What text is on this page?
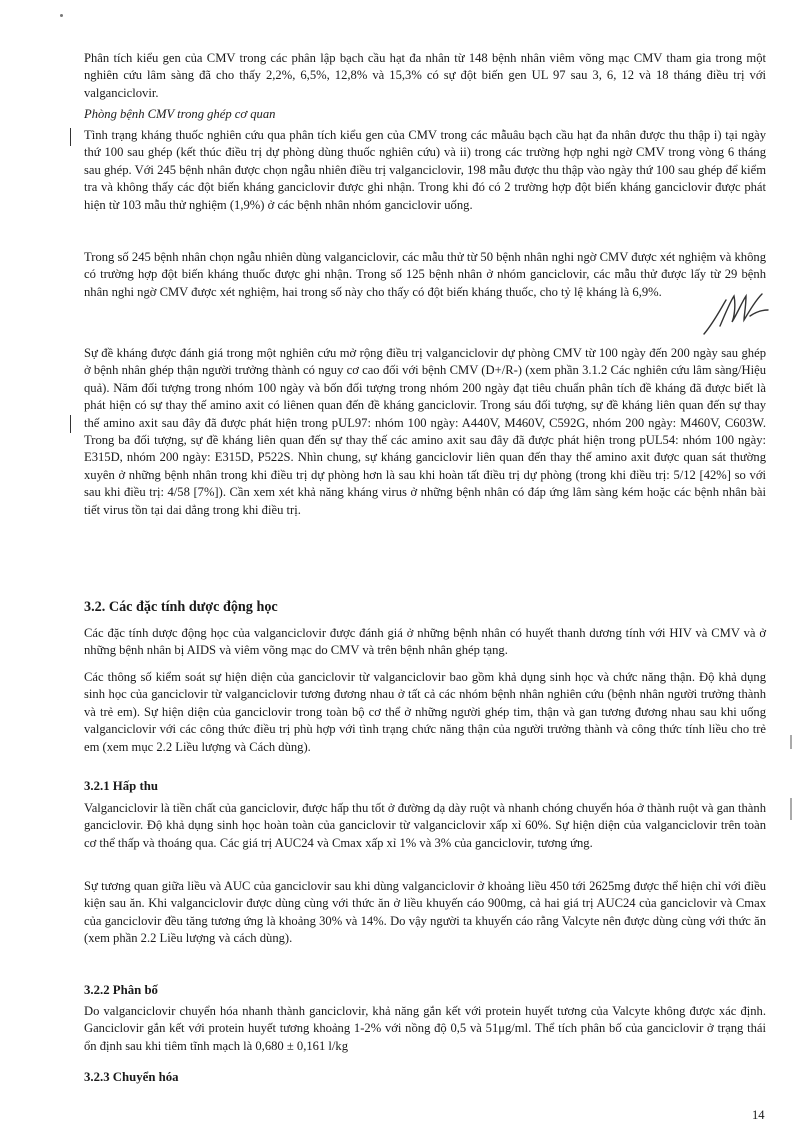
Phân tích kiểu gen của CMV trong các phân lập bạch cầu hạt đa nhân từ 148 bệnh nhân viêm võng mạc CMV tham gia trong một nghiên cứu lâm sàng đã cho thấy 2,2%, 6,5%, 12,8% và 15,3% có sự đột biến gen UL 97 sau 3, 6, 12 và 18 tháng điều trị với valganciclovir.

Phòng bệnh CMV trong ghép cơ quan

Tình trạng kháng thuốc nghiên cứu qua phân tích kiểu gen của CMV trong các mẫuâu bạch cầu hạt đa nhân được thu thập i) tại ngày thứ 100 sau ghép (kết thúc điều trị dự phòng dùng thuốc nghiên cứu) và ii) trong các trường hợp nghi ngờ CMV trong vòng 6 tháng sau ghép. Với 245 bệnh nhân được chọn ngẫu nhiên điều trị valganciclovir, 198 mẫu được thu thập vào ngày thứ 100 sau ghép để kiểm tra và không thấy các đột biến kháng ganciclovir được ghi nhận. Trong khi đó có 2 trường hợp đột biến kháng ganciclovir được phát hiện từ 103 mẫu thử nghiệm (1,9%) ở các bệnh nhân nhóm ganciclovir uống.

Trong số 245 bệnh nhân chọn ngẫu nhiên dùng valganciclovir, các mẫu thử từ 50 bệnh nhân nghi ngờ CMV được xét nghiệm và không có trường hợp đột biến kháng thuốc được ghi nhận. Trong số 125 bệnh nhân ở nhóm ganciclovir, các mẫu thử được lấy từ 29 bệnh nhân nghi ngờ CMV được xét nghiệm, hai trong số này cho thấy có đột biến kháng thuốc, cho tỷ lệ kháng là 6,9%.

Sự đề kháng được đánh giá trong một nghiên cứu mở rộng điều trị valganciclovir dự phòng CMV từ 100 ngày đến 200 ngày sau ghép ở bệnh nhân ghép thận người trưởng thành có nguy cơ cao đối với bệnh CMV (D+/R-) (xem phần 3.1.2 Các nghiên cứu lâm sàng/Hiệu quả). Năm đối tượng trong nhóm 100 ngày và bốn đối tượng trong nhóm 200 ngày đạt tiêu chuẩn phân tích đề kháng đã được biết là phát hiện có sự thay thế amino axit có liênen quan đến đề kháng ganciclovir. Trong sáu đối tượng, sự đề kháng liên quan đến sự thay thế amino axit sau đây đã được phát hiện trong pUL97: nhóm 100 ngày: A440V, M460V, C592G, nhóm 200 ngày: M460V, C603W. Trong ba đối tượng, sự đề kháng liên quan đến sự thay thế các amino axit sau đây đã được phát hiện trong pUL54: nhóm 100 ngày: E315D, nhóm 200 ngày: E315D, P522S. Nhìn chung, sự kháng ganciclovir liên quan đến thay thế amino axit được quan sát thường xuyên ở những bệnh nhân trong khi điều trị dự phòng hơn là sau khi hoàn tất điều trị dự phòng (trong khi điều trị: 5/12 [42%] so với sau khi điều trị: 4/58 [7%]). Cần xem xét khả năng kháng virus ở những bệnh nhân có đáp ứng lâm sàng kém hoặc các bệnh nhân bài tiết virus tồn tại dai dẳng trong khi điều trị.

3.2. Các đặc tính dược động học

Các đặc tính dược động học của valganciclovir được đánh giá ở những bệnh nhân có huyết thanh dương tính với HIV và CMV và ở những bệnh nhân bị AIDS và viêm võng mạc do CMV và trên bệnh nhân ghép tạng.

Các thông số kiểm soát sự hiện diện của ganciclovir từ valganciclovir bao gồm khả dụng sinh học và chức năng thận. Độ khả dụng sinh học của ganciclovir từ valganciclovir tương đương nhau ở tất cả các nhóm bệnh nhân nghiên cứu (bệnh nhân người trưởng thành và trẻ em). Sự hiện diện của ganciclovir trong toàn bộ cơ thể ở những người ghép tim, thận và gan tương đương nhau sau khi uống valganciclovir với các công thức điều trị phù hợp với tình trạng chức năng thận của người trưởng thành và công thức tính liều cho trẻ em (xem mục 2.2 Liều lượng và Cách dùng).

3.2.1 Hấp thu

Valganciclovir là tiền chất của ganciclovir, được hấp thu tốt ở đường dạ dày ruột và nhanh chóng chuyển hóa ở thành ruột và gan thành ganciclovir. Độ khả dụng sinh học hoàn toàn của ganciclovir từ valganciclovir xấp xỉ 60%. Sự hiện diện của valganciclovir trên toàn cơ thể thấp và thoáng qua. Các giá trị AUC24 và Cmax xấp xỉ 1% và 3% của ganciclovir, tương ứng.

Sự tương quan giữa liều và AUC của ganciclovir sau khi dùng valganciclovir ở khoảng liều 450 tới 2625mg được thể hiện chỉ với điều kiện sau ăn. Khi valganciclovir được dùng cùng với thức ăn ở liều khuyến cáo 900mg, cả hai giá trị AUC24 của ganciclovir và Cmax của ganciclovir đều tăng tương ứng là khoảng 30% và 14%. Do vậy người ta khuyến cáo rằng Valcyte nên được dùng cùng với thức ăn (xem phần 2.2 Liều lượng và cách dùng).

3.2.2 Phân bố

Do valganciclovir chuyển hóa nhanh thành ganciclovir, khả năng gắn kết với protein huyết tương của Valcyte không được xác định. Ganciclovir gắn kết với protein huyết tương khoảng 1-2% với nồng độ 0,5 và 51μg/ml. Thể tích phân bố của ganciclovir ở trạng thái ổn định sau khi tiêm tĩnh mạch là 0,680 ± 0,161 l/kg

3.2.3 Chuyển hóa
14
